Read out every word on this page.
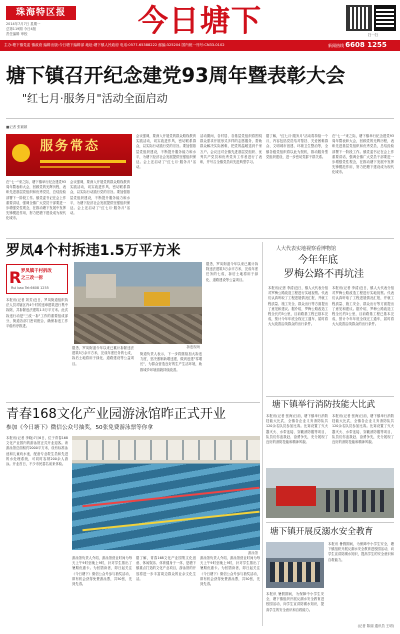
珠海特区报
2014年7月7日 星期一
总第119期 今日4版
责任编辑 审校	今日塘下	扫一扫
主办:塘下镇党委 镇政府 编辑出版:今日塘下编辑部 地址:塘下镇人民政府 电话:0577-65388222 邮编:325204 国内统一刊号:CN33-0102	新闻热线 6608 1255
塘下镇召开纪念建党93周年暨表彰大会
"红七月·服务月"活动全面启动
■记者 张颖颖
服务常态
在"七一"来之际，塘下镇举行纪念建党93周年暨表彰大会，回顾党的光辉历程，表彰先进基层党组织和优秀党员，总结经验部署下一阶段工作。镇党委书记在会上作重要讲话，强调全镇广大党员干部要进一步增强党性观念，在推动塘下发展中发挥先锋模范作用，努力把塘下建设成为现代化城市。
会议强调，要深入开展党的群众路线教育实践活动，切实改进作风，密切联系群众，以实际行动践行党的宗旨。要加强基层党组织建设，不断提升服务能力和水平，为塘下经济社会发展提供坚强组织保证。会上还启动了"红七月·服务月"活动。
会议强调，要深入开展党的群众路线教育实践活动，切实改进作风，密切联系群众，以实际行动践行党的宗旨。要加强基层党组织建设，不断提升服务能力和水平，为塘下经济社会发展提供坚强组织保证。会上还启动了"红七月·服务月"活动。
活动期间，各村居、各基层党组织将围绕群众需求开展形式多样的志愿服务，帮助群众解决实际困难，把党的温暖送到千家万户。会议还对全镇先进基层党组织、优秀共产党员和优秀党务工作者进行了表彰，并号召全镇党员向先进典型学习。
据了解，"红七月·服务月"活动将持续一个月，内容包括党员结对帮扶、关爱困难群众、文明城市创建、环境卫生整治等，全镇各级党组织将以此为契机，推动服务型党组织建设，进一步密切党群干群关系。
在"七一"来之际，塘下镇举行纪念建党93周年暨表彰大会，回顾党的光辉历程，表彰先进基层党组织和优秀党员，总结经验部署下一阶段工作。镇党委书记在会上作重要讲话，强调全镇广大党员干部要进一步增强党性观念，在推动塘下发展中发挥先锋模范作用，努力把塘下建设成为现代化城市。
罗凤4个村拆违1.5万平方米
R 罗凤镇千村拆改
之三改一拆
Rui bao Tel:6608 1255
本报讯(记者 刘芳)近日，罗凤街道组织执法人员对辖区内4个村的违章建筑进行集中拆除，共拆除违法建筑1.5万平方米。此次拆违行动是"三改一拆"工作的重要组成部分，街道各部门密切配合，确保拆违工作平稳有序推进。
据悉，罗凤街道今年以来已累计拆除违法建筑5万余平方米，完成年度任务的七成，拆后土地将用于绿化、道路建设等公益项目。
拆违现场
街道负责人表示，下一步将继续加大拆违力度，坚决遏制新增违建，做到违建"零增长"，为群众营造良好的生产生活环境，助推城乡环境面貌持续改善。
据悉，罗凤街道今年以来已累计拆除违法建筑5万余平方米，完成年度任务的七成，拆后土地将用于绿化、道路建设等公益项目。
人大代表实地视察看博物馆
今年年底
罗梅公路不再坑洼
本报讯(记者 李清)近日，镇人大代表分组对罗梅公路改造工程进行实地视察。代表们认真听取了工程进展情况汇报，并就工程质量、施工安全、群众出行等方面提出了意见和建议。据介绍，罗梅公路改造工程全长约5公里，目前路基工程已基本完成，预计今年年底全线完工通车，届时将大大改善沿线群众的出行条件。
本报讯(记者 李清)近日，镇人大代表分组对罗梅公路改造工程进行实地视察。代表们认真听取了工程进展情况汇报，并就工程质量、施工安全、群众出行等方面提出了意见和建议。据介绍，罗梅公路改造工程全长约5公里，目前路基工程已基本完成，预计今年年底全线完工通车，届时将大大改善沿线群众的出行条件。
青春168文化产业园游泳馆昨正式开业
参加《今日塘下》微信公众号抽奖，50张免费游泳票等你拿
本报讯(记者 李晓)7月6日，位于青春168文化产业园内的游泳馆正式开业迎客。该游泳馆总面积约2000平方米，设有标准泳池和儿童戏水池，配备专业救生员和先进的水处理系统，可同时容纳200余人游泳。开业首日，不少市民慕名前来体验。
游泳馆
游泳馆负责人介绍，游泳馆营业时间为每天上午9时至晚上9时，针对学生推出了暑期优惠卡。为回馈读者，即日起关注《今日塘下》微信公众号参与抽奖活动，即有机会获得免费游泳票，共50张，先到先得。
据了解，青春168文化产业园集文化创意、休闲娱乐、体育健身于一体，是塘下镇重点打造的文化产业项目，游泳馆的开放将进一步丰富周边群众的业余文化生活。
游泳馆负责人介绍，游泳馆营业时间为每天上午9时至晚上9时，针对学生推出了暑期优惠卡。为回馈读者，即日起关注《今日塘下》微信公众号参与抽奖活动，即有机会获得免费游泳票，共50张，先到先得。
塘下镇举行消防技能大比武
本报讯(记者 张海)日前，塘下镇举行消防技能大比武，全镇各企业义务消防队共120余名队员参加比赛。比赛设置了灭火器灭火、水带连接、穿戴消防服等项目，队员们你追我赶、奋勇争先，充分展现了良好的消防技能和精神风貌。
本报讯(记者 张海)日前，塘下镇举行消防技能大比武，全镇各企业义务消防队共120余名队员参加比赛。比赛设置了灭火器灭火、水带连接、穿戴消防服等项目，队员们你追我赶、奋勇争先，充分展现了良好的消防技能和精神风貌。
塘下镇开展反溺水安全教育
本报讯 暑假期间，为保障中小学生安全，塘下镇组织开展反溺水安全教育进校园活动，向学生宣讲防溺水知识，提高学生的安全意识和自救能力。
本报讯 暑假期间，为保障中小学生安全，塘下镇组织开展反溺水安全教育进校园活动，向学生宣讲防溺水知识，提高学生的安全意识和自救能力。
(记者 陈丽 通讯员 王明)
